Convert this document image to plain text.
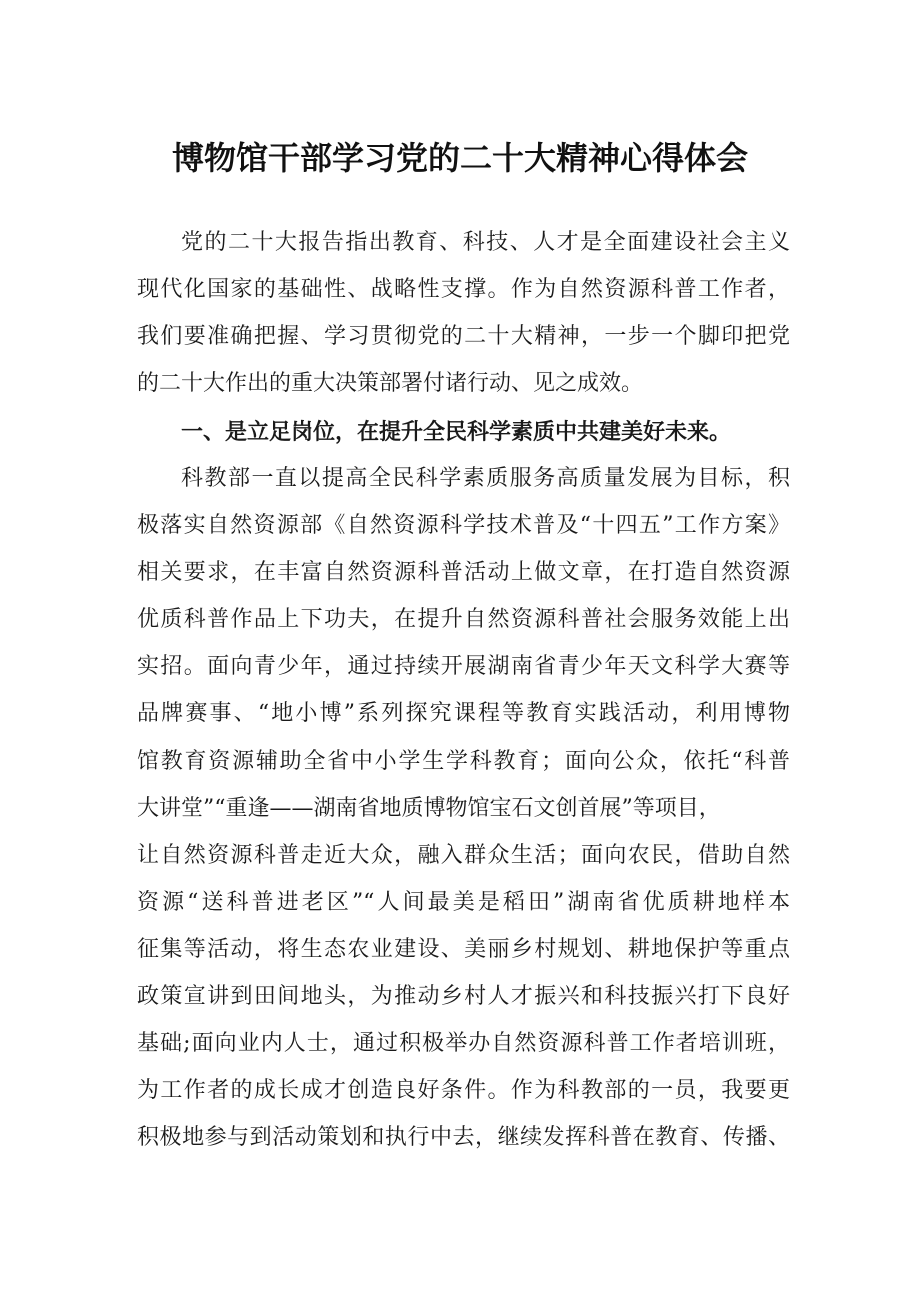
博物馆干部学习党的二十大精神心得体会
党的二十大报告指出教育、科技、人才是全面建设社会主义
现代化国家的基础性、战略性支撑。作为自然资源科普工作者，
我们要准确把握、学习贯彻党的二十大精神，一步一个脚印把党
的二十大作出的重大决策部署付诸行动、见之成效。
一、是立足岗位，在提升全民科学素质中共建美好未来。
科教部一直以提高全民科学素质服务高质量发展为目标，积
极落实自然资源部《自然资源科学技术普及“十四五”工作方案》
相关要求，在丰富自然资源科普活动上做文章，在打造自然资源
优质科普作品上下功夫，在提升自然资源科普社会服务效能上出
实招。面向青少年，通过持续开展湖南省青少年天文科学大赛等
品牌赛事、“地小博”系列探究课程等教育实践活动，利用博物
馆教育资源辅助全省中小学生学科教育；面向公众，依托“科普
大讲堂”“重逢——湖南省地质博物馆宝石文创首展”等项目，
让自然资源科普走近大众，融入群众生活；面向农民，借助自然
资源“送科普进老区”“人间最美是稻田”湖南省优质耕地样本
征集等活动，将生态农业建设、美丽乡村规划、耕地保护等重点
政策宣讲到田间地头，为推动乡村人才振兴和科技振兴打下良好
基础;面向业内人士，通过积极举办自然资源科普工作者培训班，
为工作者的成长成才创造良好条件。作为科教部的一员，我要更
积极地参与到活动策划和执行中去，继续发挥科普在教育、传播、
